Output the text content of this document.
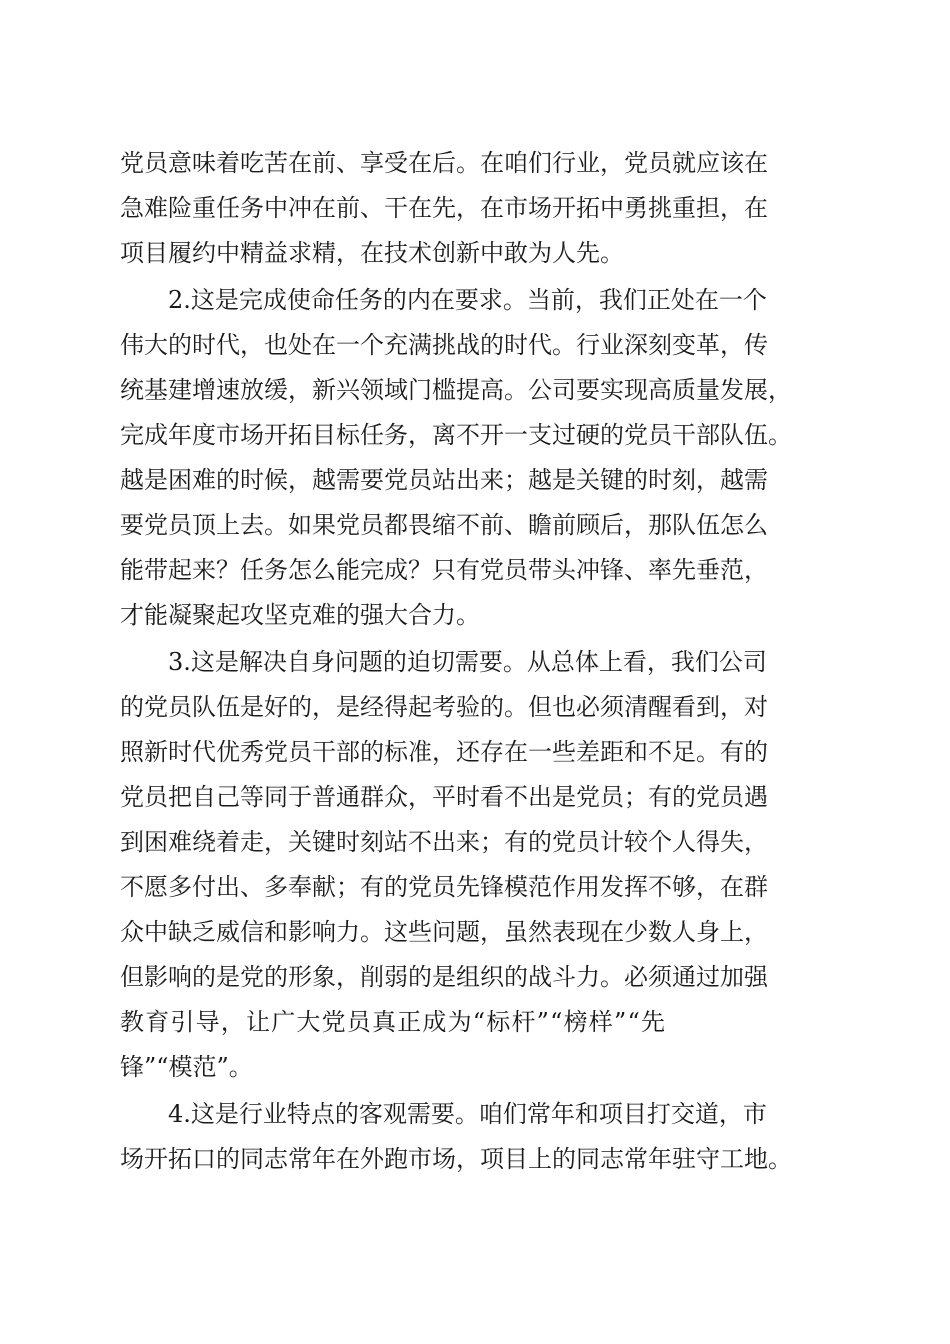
党员意味着吃苦在前、享受在后。在咱们行业，党员就应该在
急难险重任务中冲在前、干在先，在市场开拓中勇挑重担，在
项目履约中精益求精，在技术创新中敢为人先。
2.这是完成使命任务的内在要求。当前，我们正处在一个
伟大的时代，也处在一个充满挑战的时代。行业深刻变革，传
统基建增速放缓，新兴领域门槛提高。公司要实现高质量发展，
完成年度市场开拓目标任务，离不开一支过硬的党员干部队伍。
越是困难的时候，越需要党员站出来；越是关键的时刻，越需
要党员顶上去。如果党员都畏缩不前、瞻前顾后，那队伍怎么
能带起来？任务怎么能完成？只有党员带头冲锋、率先垂范，
才能凝聚起攻坚克难的强大合力。
3.这是解决自身问题的迫切需要。从总体上看，我们公司
的党员队伍是好的，是经得起考验的。但也必须清醒看到，对
照新时代优秀党员干部的标准，还存在一些差距和不足。有的
党员把自己等同于普通群众，平时看不出是党员；有的党员遇
到困难绕着走，关键时刻站不出来；有的党员计较个人得失，
不愿多付出、多奉献；有的党员先锋模范作用发挥不够，在群
众中缺乏威信和影响力。这些问题，虽然表现在少数人身上，
但影响的是党的形象，削弱的是组织的战斗力。必须通过加强
教育引导，让广大党员真正成为“标杆”“榜样”“先
锋”“模范”。
4.这是行业特点的客观需要。咱们常年和项目打交道，市
场开拓口的同志常年在外跑市场，项目上的同志常年驻守工地。
